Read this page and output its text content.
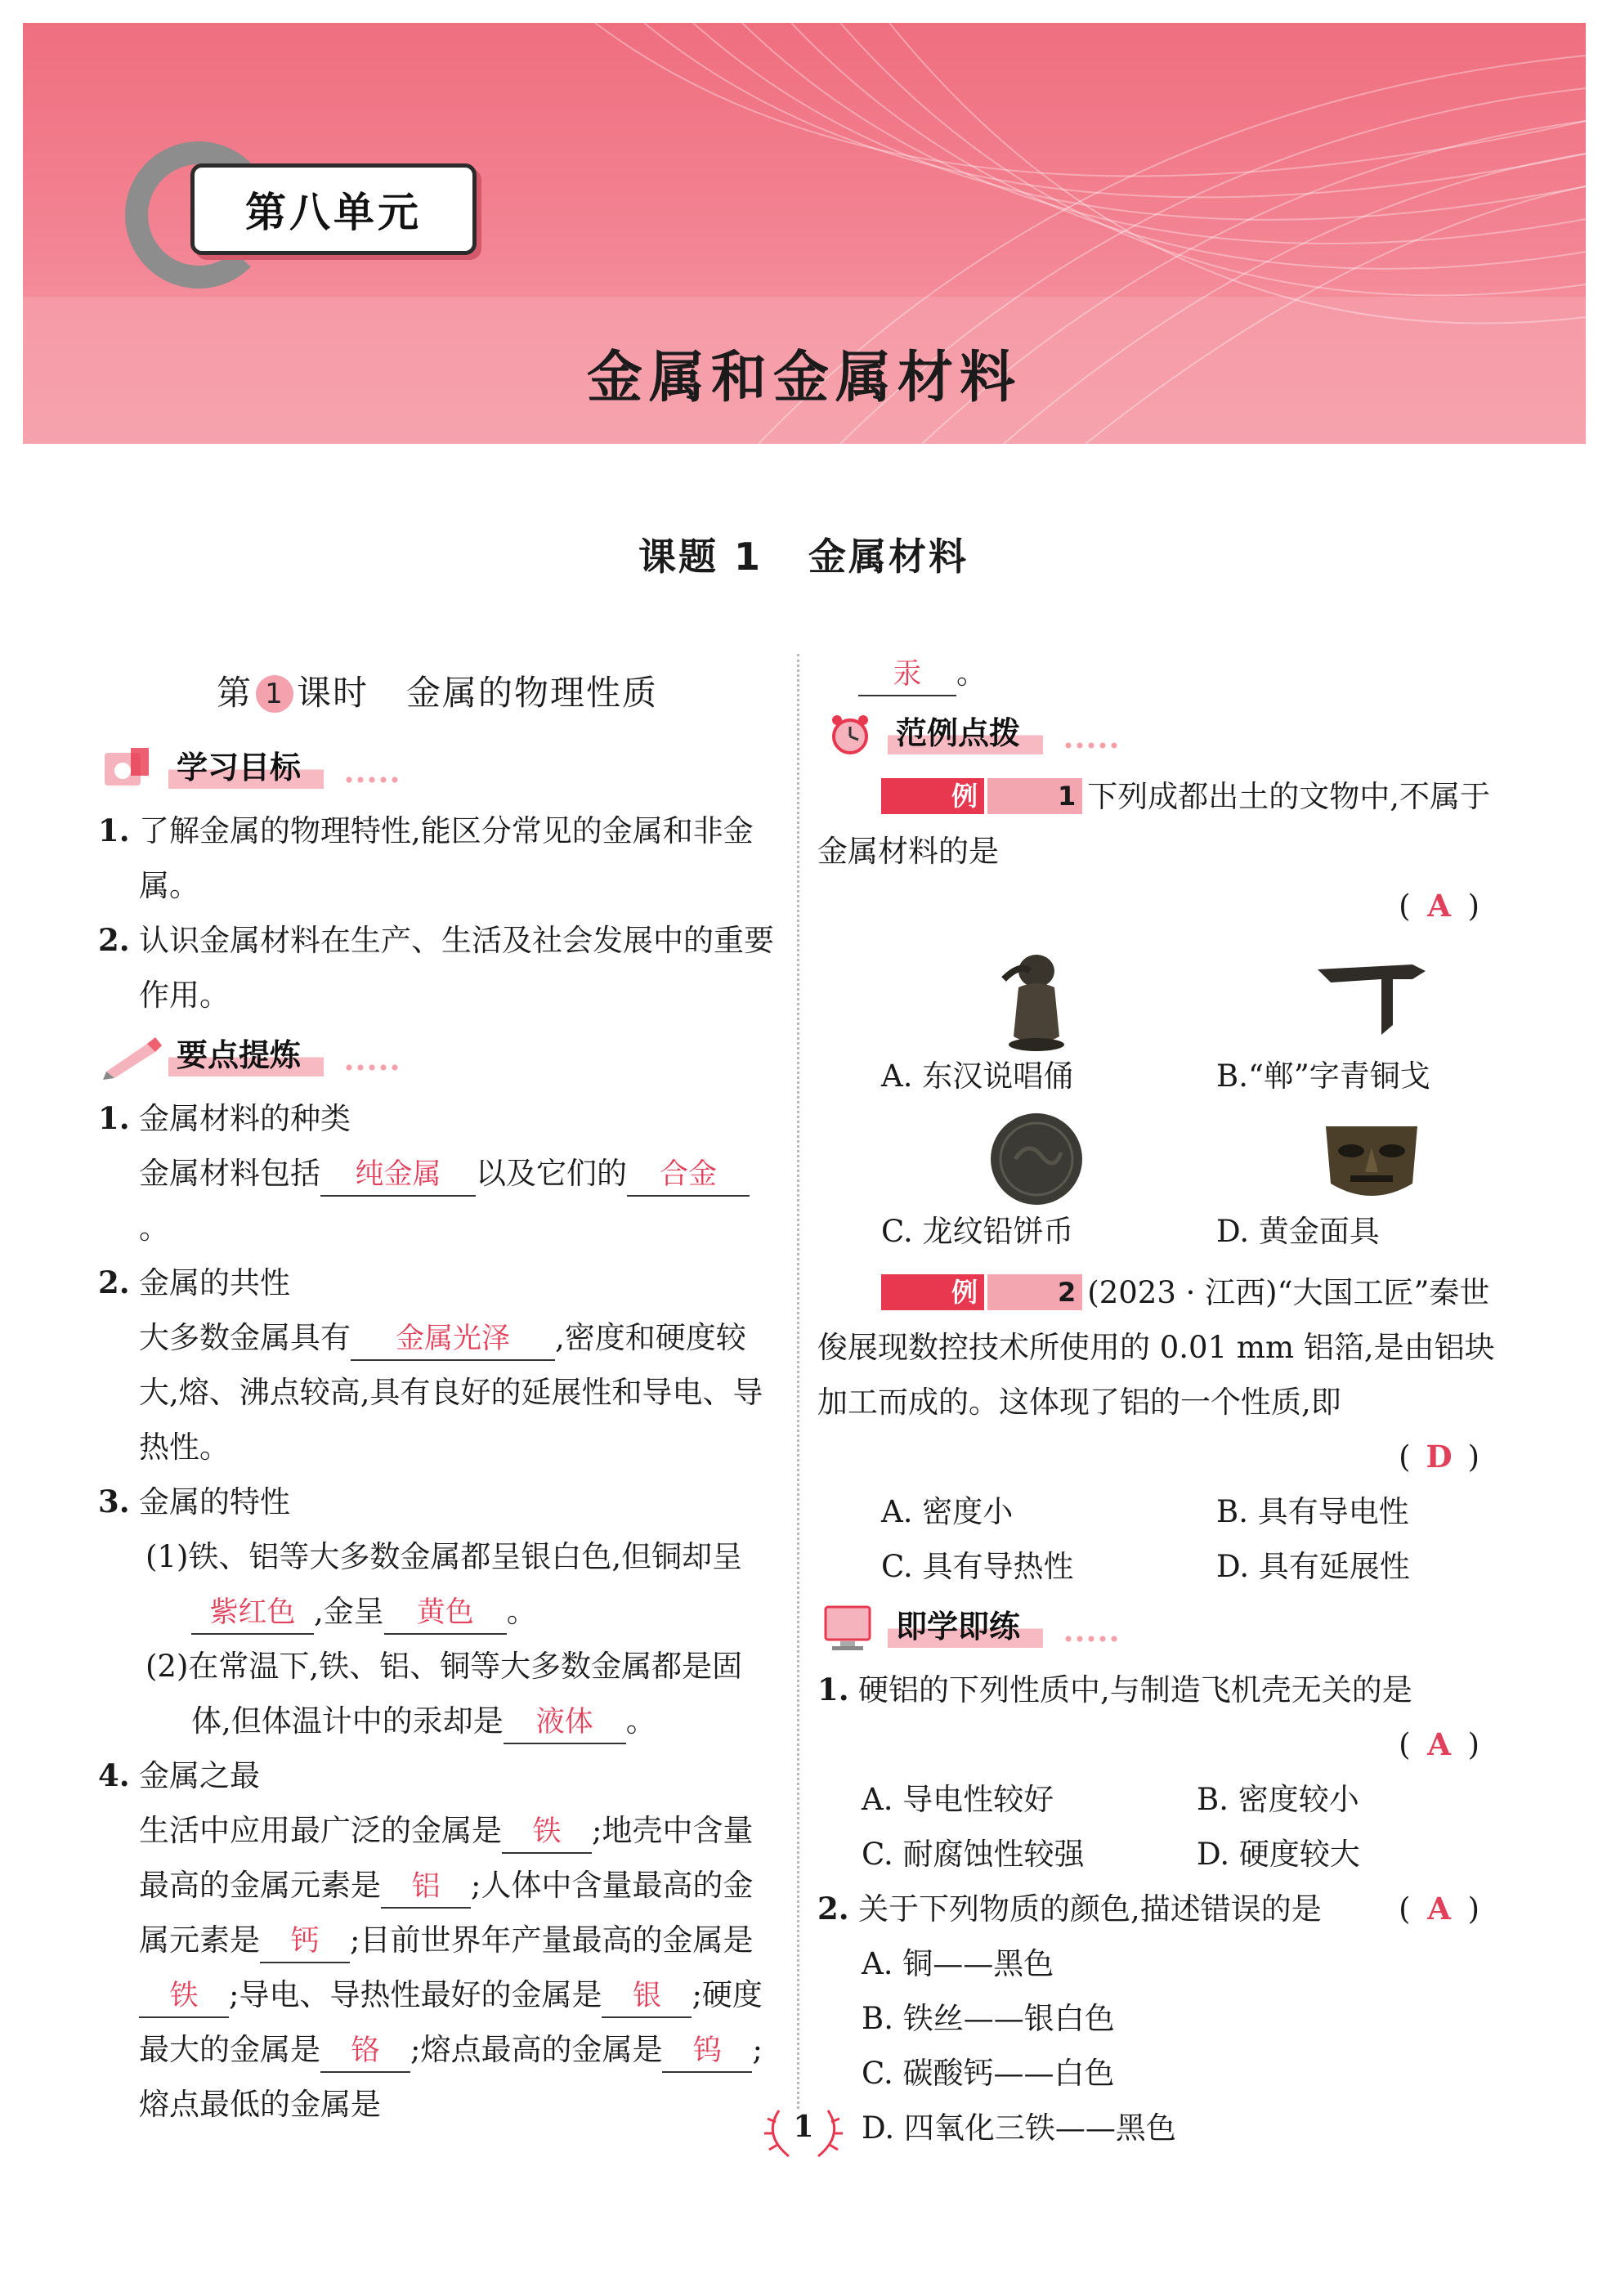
第八单元
金属和金属材料
课题 1 金属材料
第 1 课时 金属的物理性质
学习目标
1. 了解金属的物理特性,能区分常见的金属和非金属。
2. 认识金属材料在生产、生活及社会发展中的重要作用。
要点提炼
1. 金属材料的种类
金属材料包括 纯金属 以及它们的 合金。
2. 金属的共性
大多数金属具有 金属光泽 ,密度和硬度较大,熔、沸点较高,具有良好的延展性和导电、导热性。
3. 金属的特性
(1)铁、铝等大多数金属都呈银白色,但铜却呈紫红色 ,金呈 黄色 。
(2)在常温下,铁、铝、铜等大多数金属都是固体,但体温计中的汞却是 液体 。
4. 金属之最
生活中应用最广泛的金属是 铁 ;地壳中含量最高的金属元素是 铝 ;人体中含量最高的金属元素是 钙 ;目前世界年产量最高的金属是铁 ;导电、导热性最好的金属是 银 ;硬度最大的金属是 铬 ;熔点最高的金属是 钨 ;熔点最低的金属是
汞 。
范例点拨
例	1 下列成都出土的文物中,不属于金属材料的是
( A )
A. 东汉说唱俑	B.“郸”字青铜戈
C. 龙纹铅饼币	D. 黄金面具
例	2 (2023 · 江西)“大国工匠”秦世俊展现数控技术所使用的 0.01 mm 铝箔,是由铝块加工而成的。这体现了铝的一个性质,即
( D )
A. 密度小	B. 具有导电性
C. 具有导热性	D. 具有延展性
即学即练
1. 硬铝的下列性质中,与制造飞机壳无关的是
( A )
A. 导电性较好	B. 密度较小
C. 耐腐蚀性较强	D. 硬度较大
2. 关于下列物质的颜色,描述错误的是	( A )
A. 铜——黑色
B. 铁丝——银白色
C. 碳酸钙——白色
D. 四氧化三铁——黑色
1
